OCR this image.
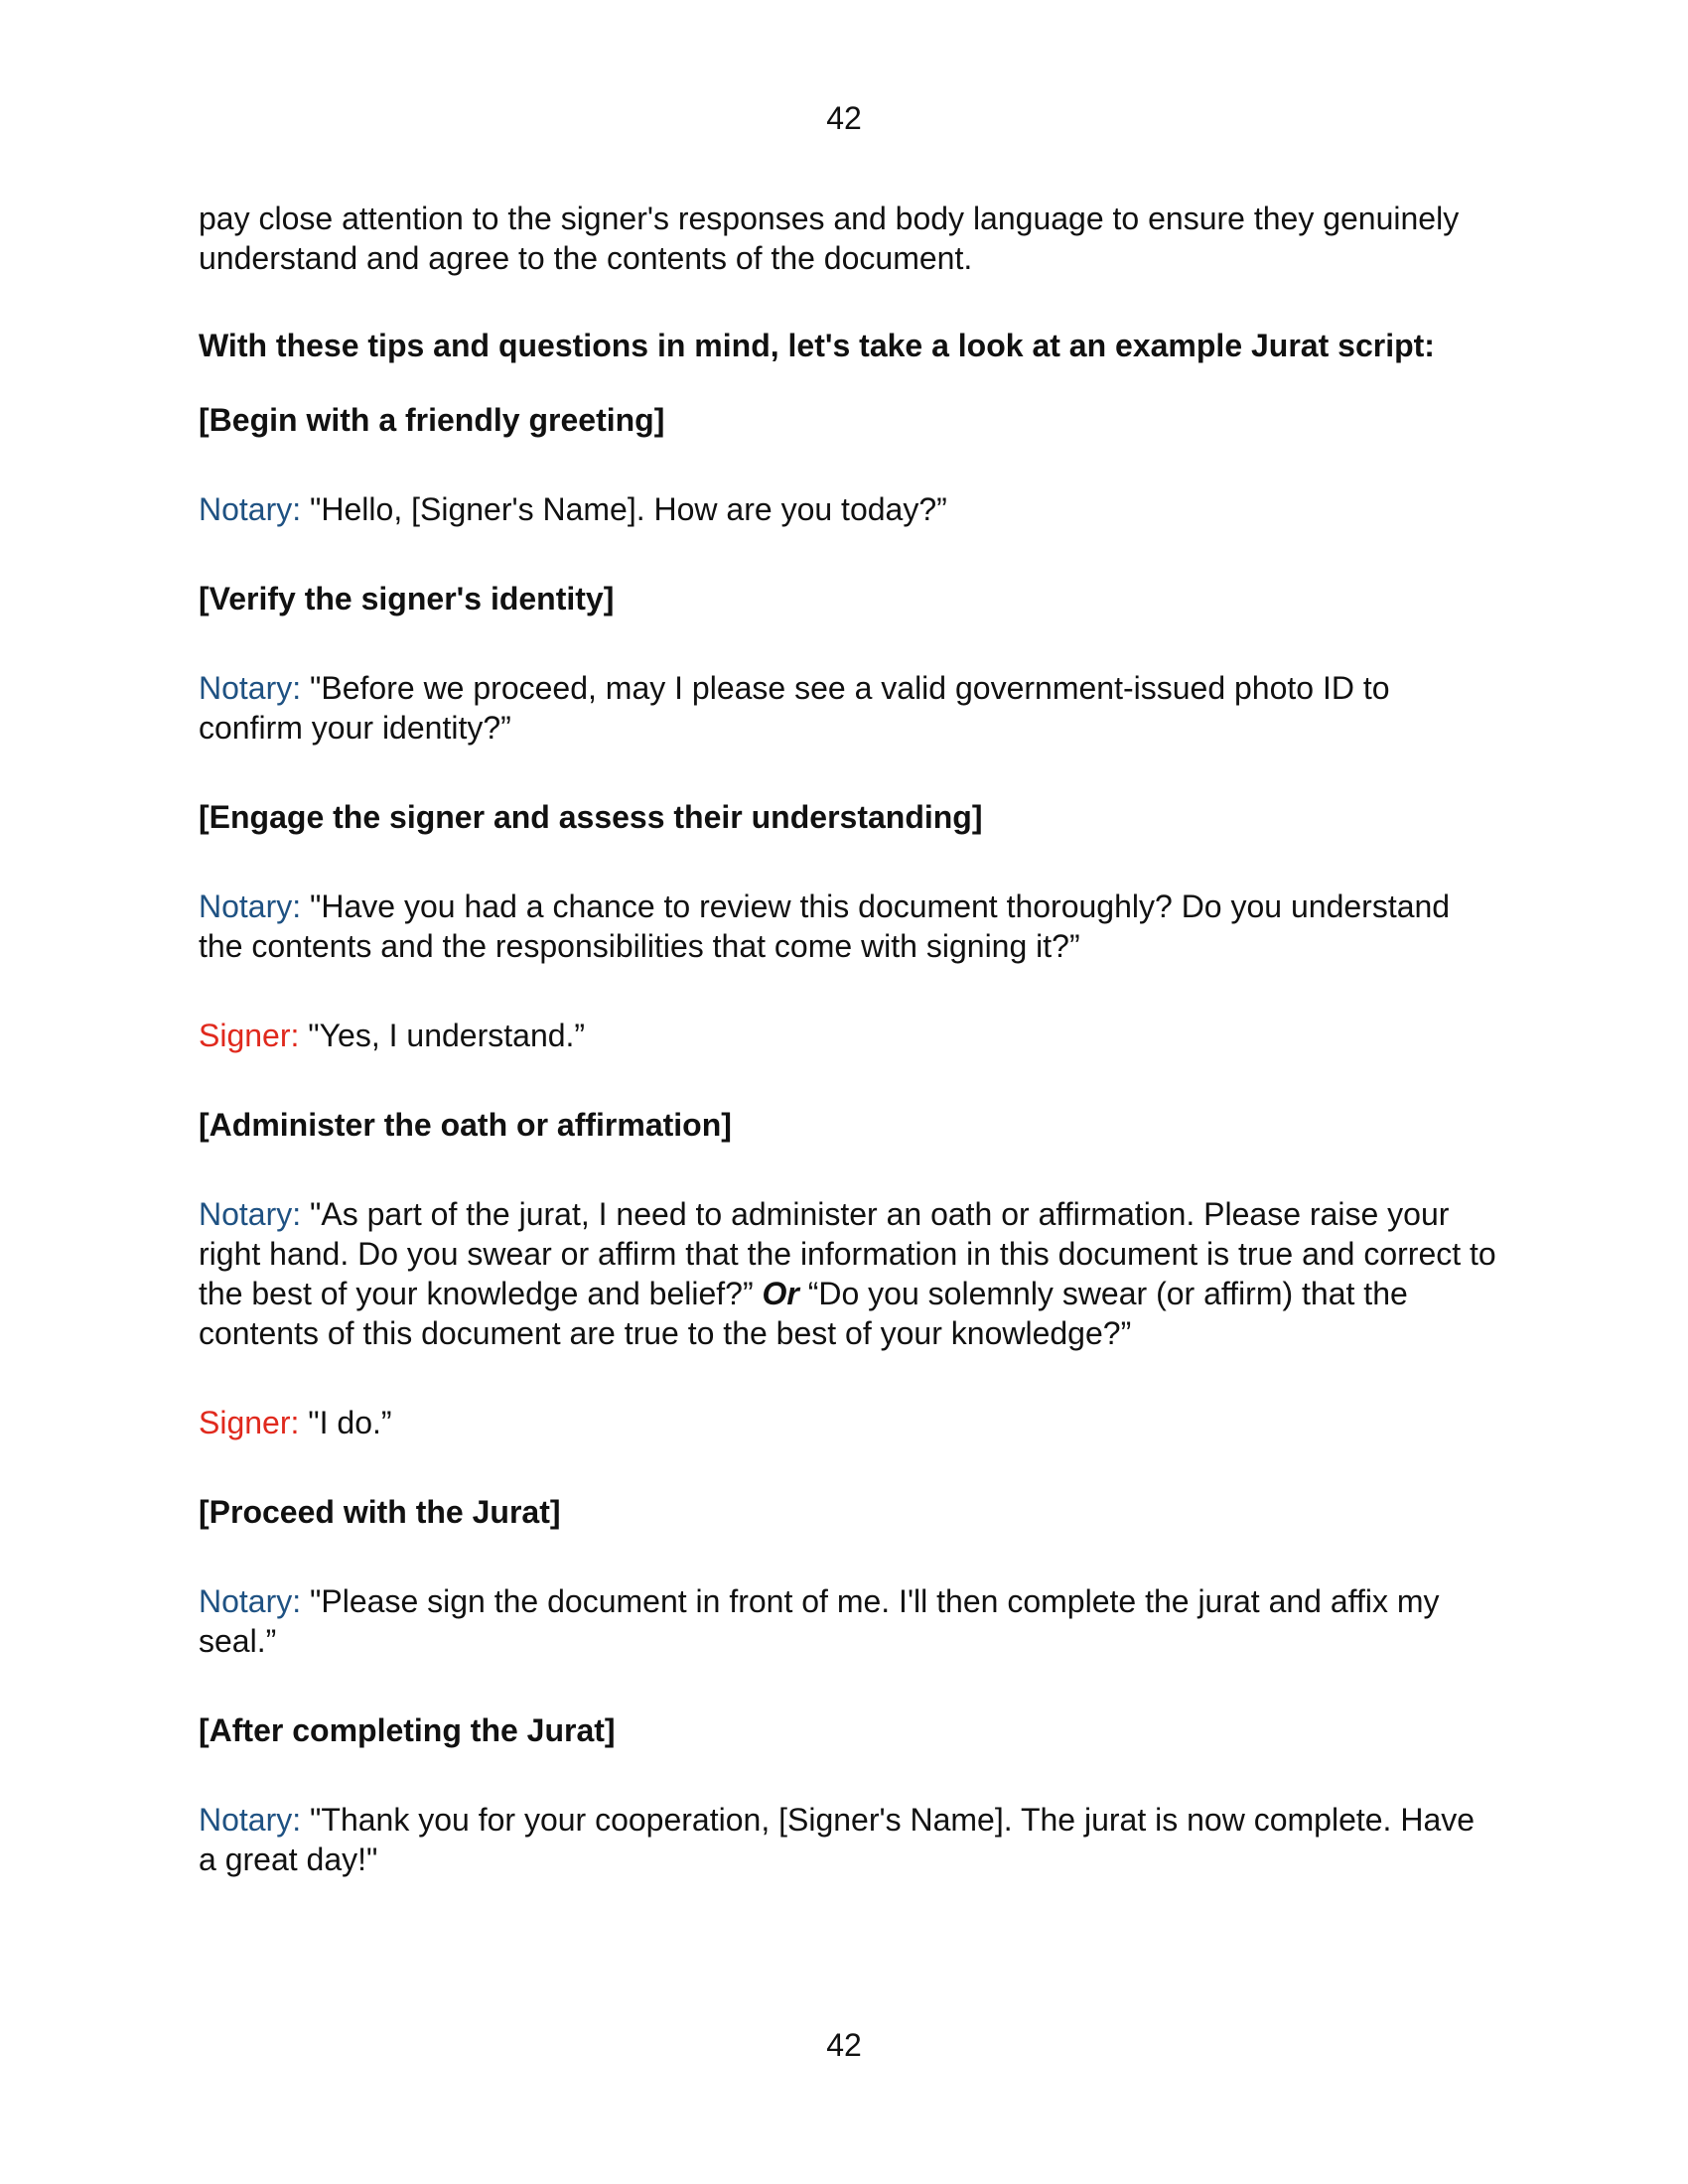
42

pay close attention to the signer's responses and body language to ensure they genuinely understand and agree to the contents of the document.

With these tips and questions in mind, let's take a look at an example Jurat script:

[Begin with a friendly greeting]

Notary: "Hello, [Signer's Name]. How are you today?”

[Verify the signer's identity]

Notary: "Before we proceed, may I please see a valid government-issued photo ID to confirm your identity?”

[Engage the signer and assess their understanding]

Notary: "Have you had a chance to review this document thoroughly? Do you understand the contents and the responsibilities that come with signing it?”

Signer: "Yes, I understand.”

[Administer the oath or affirmation]

Notary: "As part of the jurat, I need to administer an oath or affirmation. Please raise your right hand. Do you swear or affirm that the information in this document is true and correct to the best of your knowledge and belief?” Or “Do you solemnly swear (or affirm) that the contents of this document are true to the best of your knowledge?”

Signer: "I do.”

[Proceed with the Jurat]

Notary: "Please sign the document in front of me. I'll then complete the jurat and affix my seal.”

[After completing the Jurat]

Notary: "Thank you for your cooperation, [Signer's Name]. The jurat is now complete. Have a great day!"

42
